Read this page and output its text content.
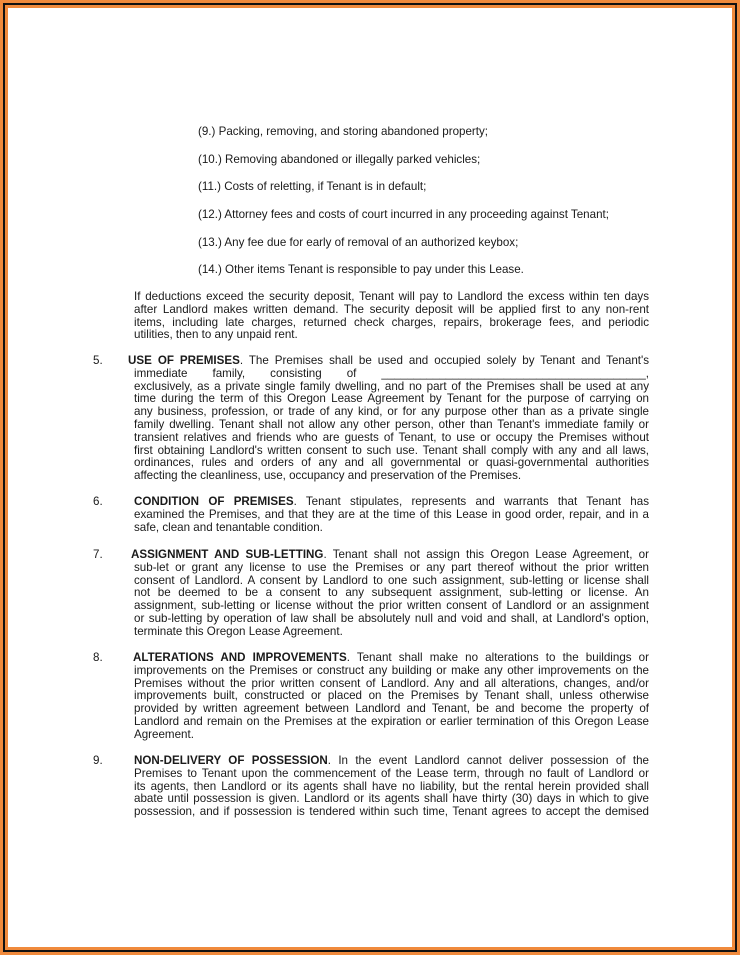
(9.) Packing, removing, and storing abandoned property;
(10.) Removing abandoned or illegally parked vehicles;
(11.) Costs of reletting, if Tenant is in default;
(12.) Attorney fees and costs of court incurred in any proceeding against Tenant;
(13.) Any fee due for early of removal of an authorized keybox;
(14.) Other items Tenant is responsible to pay under this Lease.
If deductions exceed the security deposit, Tenant will pay to Landlord the excess within ten days
after Landlord makes written demand. The security deposit will be applied first to any non-rent
items, including late charges, returned check charges, repairs, brokerage fees, and periodic
utilities, then to any unpaid rent.
5. USE OF PREMISES. The Premises shall be used and occupied solely by Tenant and Tenant's
immediate family, consisting of _________________________________________,
exclusively, as a private single family dwelling, and no part of the Premises shall be used at any
time during the term of this Oregon Lease Agreement by Tenant for the purpose of carrying on
any business, profession, or trade of any kind, or for any purpose other than as a private single
family dwelling. Tenant shall not allow any other person, other than Tenant's immediate family or
transient relatives and friends who are guests of Tenant, to use or occupy the Premises without
first obtaining Landlord's written consent to such use. Tenant shall comply with any and all laws,
ordinances, rules and orders of any and all governmental or quasi-governmental authorities
affecting the cleanliness, use, occupancy and preservation of the Premises.
6.	CONDITION OF PREMISES. Tenant stipulates, represents and warrants that Tenant has
examined the Premises, and that they are at the time of this Lease in good order, repair, and in a
safe, clean and tenantable condition.
7. ASSIGNMENT AND SUB-LETTING. Tenant shall not assign this Oregon Lease Agreement, or
sub-let or grant any license to use the Premises or any part thereof without the prior written
consent of Landlord. A consent by Landlord to one such assignment, sub-letting or license shall
not be deemed to be a consent to any subsequent assignment, sub-letting or license. An
assignment, sub-letting or license without the prior written consent of Landlord or an assignment
or sub-letting by operation of law shall be absolutely null and void and shall, at Landlord's option,
terminate this Oregon Lease Agreement.
8.	ALTERATIONS AND IMPROVEMENTS. Tenant shall make no alterations to the buildings or
improvements on the Premises or construct any building or make any other improvements on the
Premises without the prior written consent of Landlord. Any and all alterations, changes, and/or
improvements built, constructed or placed on the Premises by Tenant shall, unless otherwise
provided by written agreement between Landlord and Tenant, be and become the property of
Landlord and remain on the Premises at the expiration or earlier termination of this Oregon Lease
Agreement.
9.	NON-DELIVERY OF POSSESSION. In the event Landlord cannot deliver possession of the
Premises to Tenant upon the commencement of the Lease term, through no fault of Landlord or
its agents, then Landlord or its agents shall have no liability, but the rental herein provided shall
abate until possession is given. Landlord or its agents shall have thirty (30) days in which to give
possession, and if possession is tendered within such time, Tenant agrees to accept the demised
